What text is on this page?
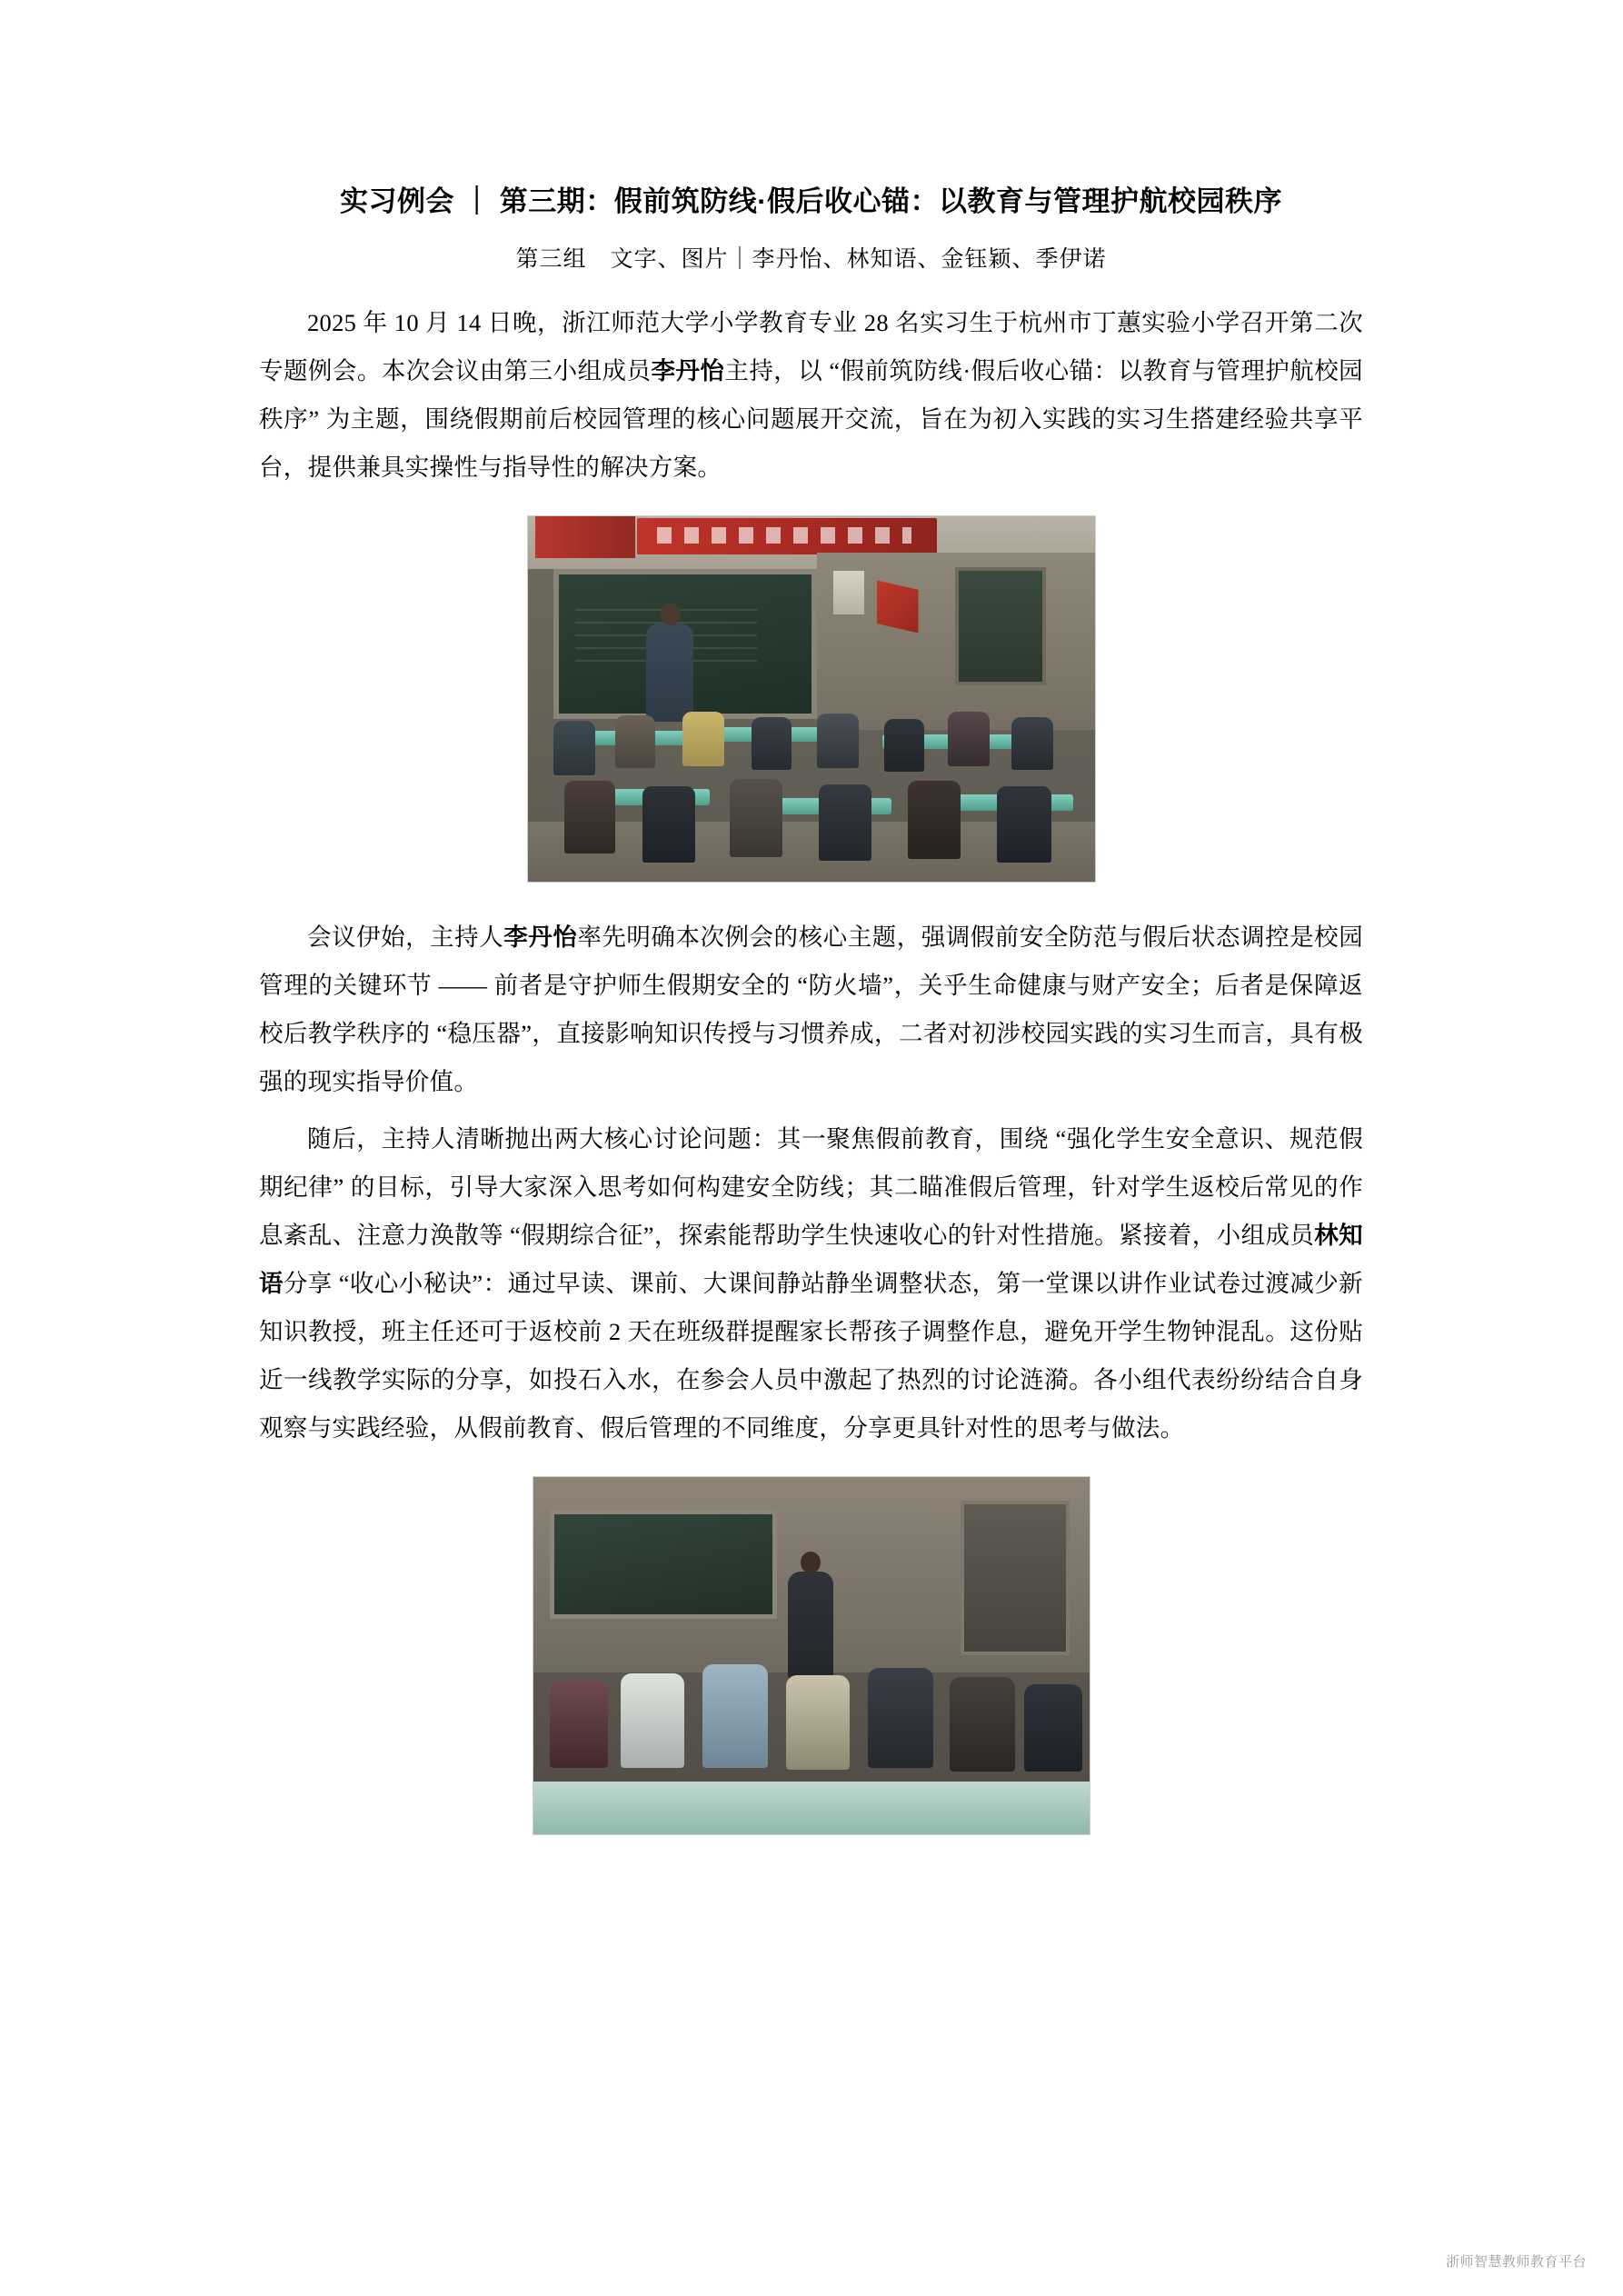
实习例会 ｜ 第三期：假前筑防线·假后收心锚：以教育与管理护航校园秩序
第三组 文字、图片｜李丹怡、林知语、金钰颖、季伊诺

2025 年 10 月 14 日晚，浙江师范大学小学教育专业 28 名实习生于杭州市丁蕙实验小学召开第二次专题例会。本次会议由第三小组成员李丹怡主持，以 “假前筑防线·假后收心锚：以教育与管理护航校园秩序” 为主题，围绕假期前后校园管理的核心问题展开交流，旨在为初入实践的实习生搭建经验共享平台，提供兼具实操性与指导性的解决方案。

会议伊始，主持人李丹怡率先明确本次例会的核心主题，强调假前安全防范与假后状态调控是校园管理的关键环节 —— 前者是守护师生假期安全的 “防火墙”，关乎生命健康与财产安全；后者是保障返校后教学秩序的 “稳压器”，直接影响知识传授与习惯养成，二者对初涉校园实践的实习生而言，具有极强的现实指导价值。

随后，主持人清晰抛出两大核心讨论问题：其一聚焦假前教育，围绕 “强化学生安全意识、规范假期纪律” 的目标，引导大家深入思考如何构建安全防线；其二瞄准假后管理，针对学生返校后常见的作息紊乱、注意力涣散等 “假期综合征”，探索能帮助学生快速收心的针对性措施。紧接着，小组成员林知语分享 “收心小秘诀”：通过早读、课前、大课间静站静坐调整状态，第一堂课以讲作业试卷过渡减少新知识教授，班主任还可于返校前 2 天在班级群提醒家长帮孩子调整作息，避免开学生物钟混乱。这份贴近一线教学实际的分享，如投石入水，在参会人员中激起了热烈的讨论涟漪。各小组代表纷纷结合自身观察与实践经验，从假前教育、假后管理的不同维度，分享更具针对性的思考与做法。

浙师智慧教师教育平台
